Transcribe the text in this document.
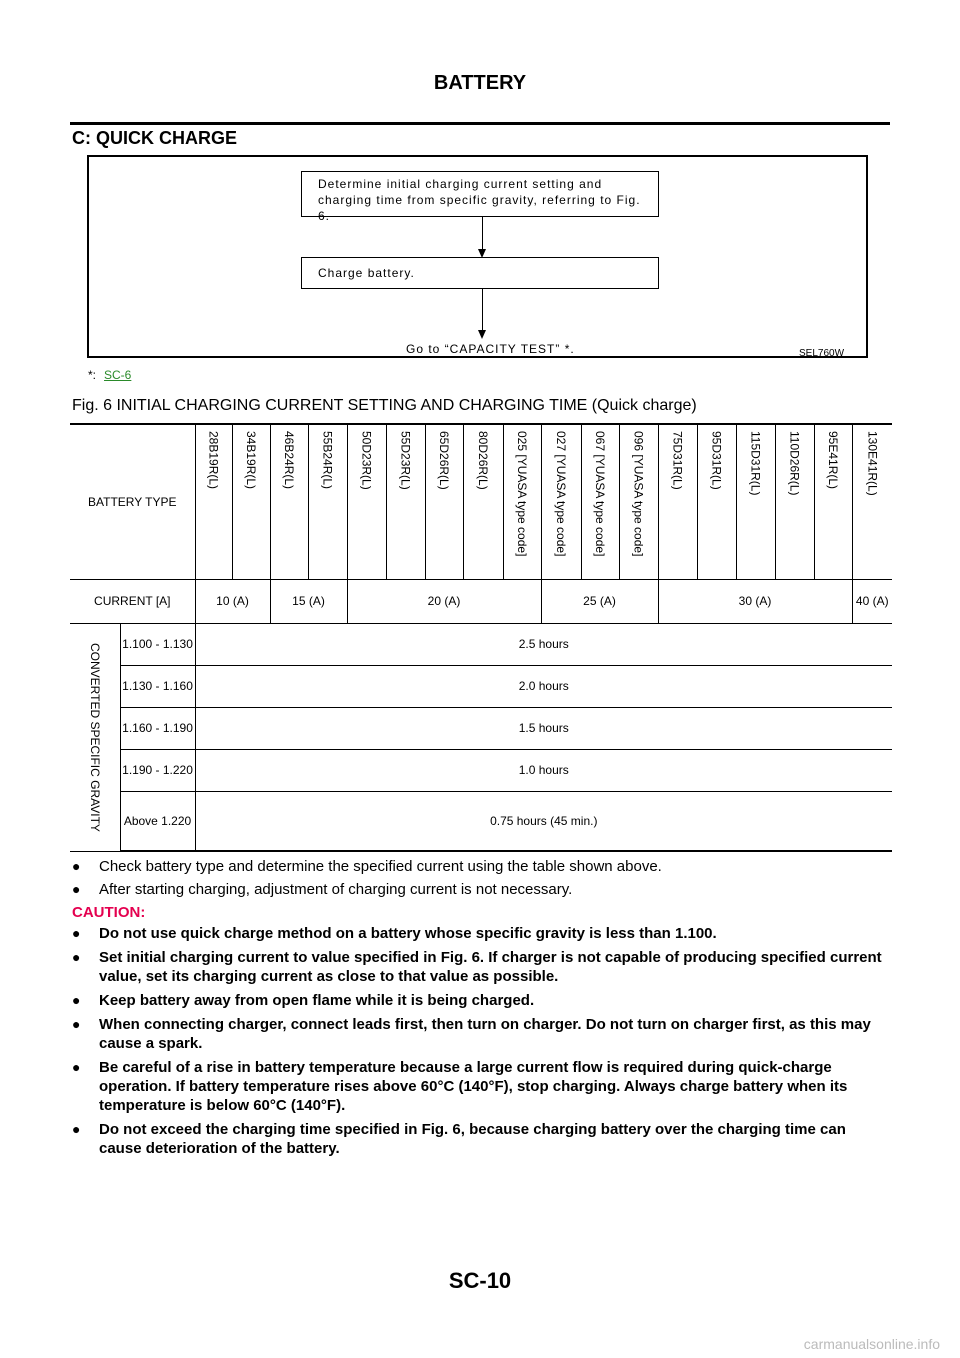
BATTERY
C: QUICK CHARGE
Determine initial charging current setting and charging time from specific gravity, referring to Fig. 6.
Charge battery.
Go to “CAPACITY TEST” *.	SEL760W
*: SC-6
Fig. 6 INITIAL CHARGING CURRENT SETTING AND CHARGING TIME (Quick charge)
BATTERY TYPE		28B19R(L)	34B19R(L)	46B24R(L)	55B24R(L)	50D23R(L)	55D23R(L)	65D26R(L)	80D26R(L)	025 [YUASA type code]	027 [YUASA type code]	067 [YUASA type code]	096 [YUASA type code]	75D31R(L)	95D31R(L)	115D31R(L)	110D26R(L)	95E41R(L)	130E41R(L)
CURRENT [A]		10 (A)		15 (A)		20 (A)					25 (A)			30 (A)					40 (A)
CONVERTED SPECIFIC GRAVITY	1.100 - 1.130	2.5 hours																	
	1.130 - 1.160	2.0 hours																	
	1.160 - 1.190	1.5 hours																	
	1.190 - 1.220	1.0 hours																	
	Above 1.220	0.75 hours (45 min.)																	
● Check battery type and determine the specified current using the table shown above.
● After starting charging, adjustment of charging current is not necessary.
CAUTION:
● Do not use quick charge method on a battery whose specific gravity is less than 1.100.
● Set initial charging current to value specified in Fig. 6. If charger is not capable of producing specified current value, set its charging current as close to that value as possible.
● Keep battery away from open flame while it is being charged.
● When connecting charger, connect leads first, then turn on charger. Do not turn on charger first, as this may cause a spark.
● Be careful of a rise in battery temperature because a large current flow is required during quick-charge operation. If battery temperature rises above 60°C (140°F), stop charging. Always charge battery when its temperature is below 60°C (140°F).
● Do not exceed the charging time specified in Fig. 6, because charging battery over the charging time can cause deterioration of the battery.
SC-10
carmanualsonline.info
